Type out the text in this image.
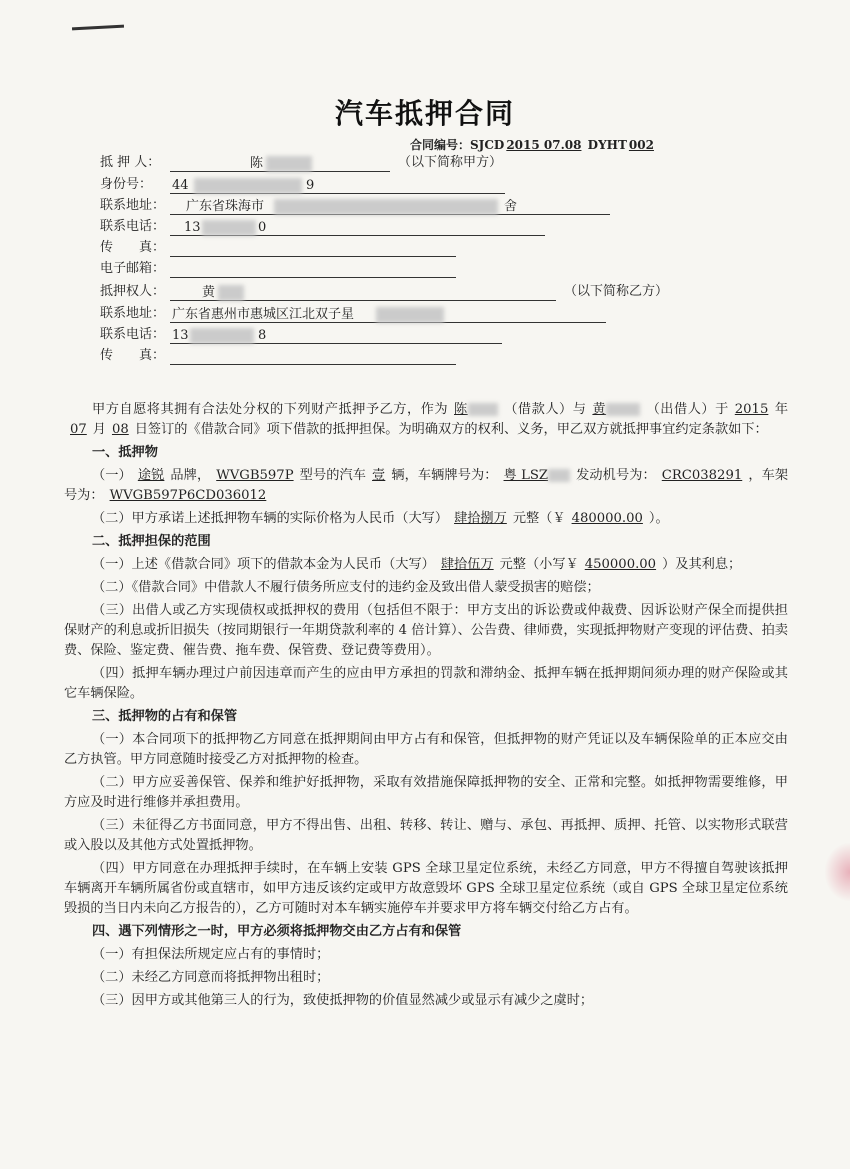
汽车抵押合同
合同编号：SJCD 2015 07.08 DYHT 002
抵 押 人：	陈	（以下简称甲方）
身份号： 44	9
联系地址： 广东省珠海市	舍
联系电话： 13	0
传　　真：
电子邮箱：
抵押权人：	黄	（以下简称乙方）
联系地址： 广东省惠州市惠城区江北双子星
联系电话： 13	8
传　　真：

甲方自愿将其拥有合法处分权的下列财产抵押予乙方，作为 陈	（借款人）与 黄	（出借人）于 2015 年07 月 08 日签订的《借款合同》项下借款的抵押担保。为明确双方的权利、义务，甲乙双方就抵押事宜约定条款如下：

一、抵押物

（一） 途锐 品牌， WVGB597P 型号的汽车 壹 辆，车辆牌号为： 粤 LSZ 发动机号为： CRC038291 ，车架号为： WVGB597P6CD036012

（二）甲方承诺上述抵押物车辆的实际价格为人民币（大写） 肆拾捌万 元整（￥ 480000.00 ）。

二、抵押担保的范围

（一）上述《借款合同》项下的借款本金为人民币（大写） 肆拾伍万 元整（小写￥ 450000.00 ）及其利息；

（二）《借款合同》中借款人不履行债务所应支付的违约金及致出借人蒙受损害的赔偿；

（三）出借人或乙方实现债权或抵押权的费用（包括但不限于：甲方支出的诉讼费或仲裁费、因诉讼财产保全而提供担保财产的利息或折旧损失（按同期银行一年期贷款利率的 4 倍计算）、公告费、律师费，实现抵押物财产变现的评估费、拍卖费、保险、鉴定费、催告费、拖车费、保管费、登记费等费用）。

（四）抵押车辆办理过户前因违章而产生的应由甲方承担的罚款和滞纳金、抵押车辆在抵押期间须办理的财产保险或其它车辆保险。

三、抵押物的占有和保管

（一）本合同项下的抵押物乙方同意在抵押期间由甲方占有和保管，但抵押物的财产凭证以及车辆保险单的正本应交由乙方执管。甲方同意随时接受乙方对抵押物的检查。

（二）甲方应妥善保管、保养和维护好抵押物，采取有效措施保障抵押物的安全、正常和完整。如抵押物需要维修，甲方应及时进行维修并承担费用。

（三）未征得乙方书面同意，甲方不得出售、出租、转移、转让、赠与、承包、再抵押、质押、托管、以实物形式联营或入股以及其他方式处置抵押物。

（四）甲方同意在办理抵押手续时，在车辆上安装 GPS 全球卫星定位系统，未经乙方同意，甲方不得擅自驾驶该抵押车辆离开车辆所属省份或直辖市，如甲方违反该约定或甲方故意毁坏 GPS 全球卫星定位系统（或自 GPS 全球卫星定位系统毁损的当日内未向乙方报告的），乙方可随时对本车辆实施停车并要求甲方将车辆交付给乙方占有。

四、遇下列情形之一时，甲方必须将抵押物交由乙方占有和保管

（一）有担保法所规定应占有的事情时；

（二）未经乙方同意而将抵押物出租时；

（三）因甲方或其他第三人的行为，致使抵押物的价值显然减少或显示有减少之虞时；
